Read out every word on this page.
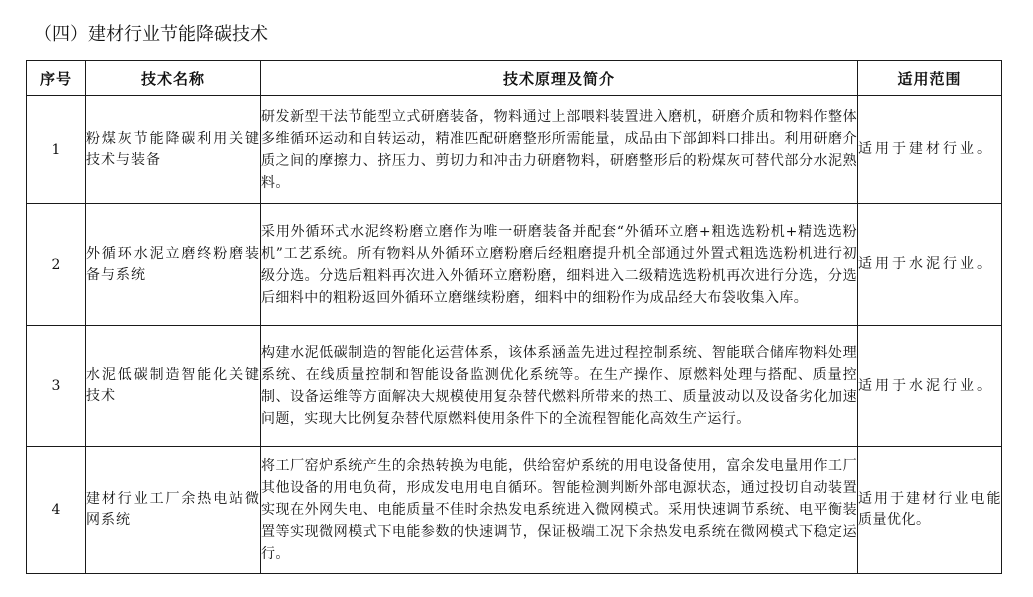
（四）建材行业节能降碳技术
序号	技术名称	技术原理及简介	适用范围
1	粉煤灰节能降碳利用关键技术与装备	研发新型干法节能型立式研磨装备，物料通过上部喂料装置进入磨机，研磨介质和物料作整体多维循环运动和自转运动，精准匹配研磨整形所需能量，成品由下部卸料口排出。利用研磨介质之间的摩擦力、挤压力、剪切力和冲击力研磨物料，研磨整形后的粉煤灰可替代部分水泥熟料。	适用于建材行业。
2	外循环水泥立磨终粉磨装备与系统	采用外循环式水泥终粉磨立磨作为唯一研磨装备并配套“外循环立磨+粗选选粉机+精选选粉机”工艺系统。所有物料从外循环立磨粉磨后经粗磨提升机全部通过外置式粗选选粉机进行初级分选。分选后粗料再次进入外循环立磨粉磨，细料进入二级精选选粉机再次进行分选，分选后细料中的粗粉返回外循环立磨继续粉磨，细料中的细粉作为成品经大布袋收集入库。	适用于水泥行业。
3	水泥低碳制造智能化关键技术	构建水泥低碳制造的智能化运营体系，该体系涵盖先进过程控制系统、智能联合储库物料处理系统、在线质量控制和智能设备监测优化系统等。在生产操作、原燃料处理与搭配、质量控制、设备运维等方面解决大规模使用复杂替代燃料所带来的热工、质量波动以及设备劣化加速问题，实现大比例复杂替代原燃料使用条件下的全流程智能化高效生产运行。	适用于水泥行业。
4	建材行业工厂余热电站微网系统	将工厂窑炉系统产生的余热转换为电能，供给窑炉系统的用电设备使用，富余发电量用作工厂其他设备的用电负荷，形成发电用电自循环。智能检测判断外部电源状态，通过投切自动装置实现在外网失电、电能质量不佳时余热发电系统进入微网模式。采用快速调节系统、电平衡装置等实现微网模式下电能参数的快速调节，保证极端工况下余热发电系统在微网模式下稳定运行。	适用于建材行业电能质量优化。
